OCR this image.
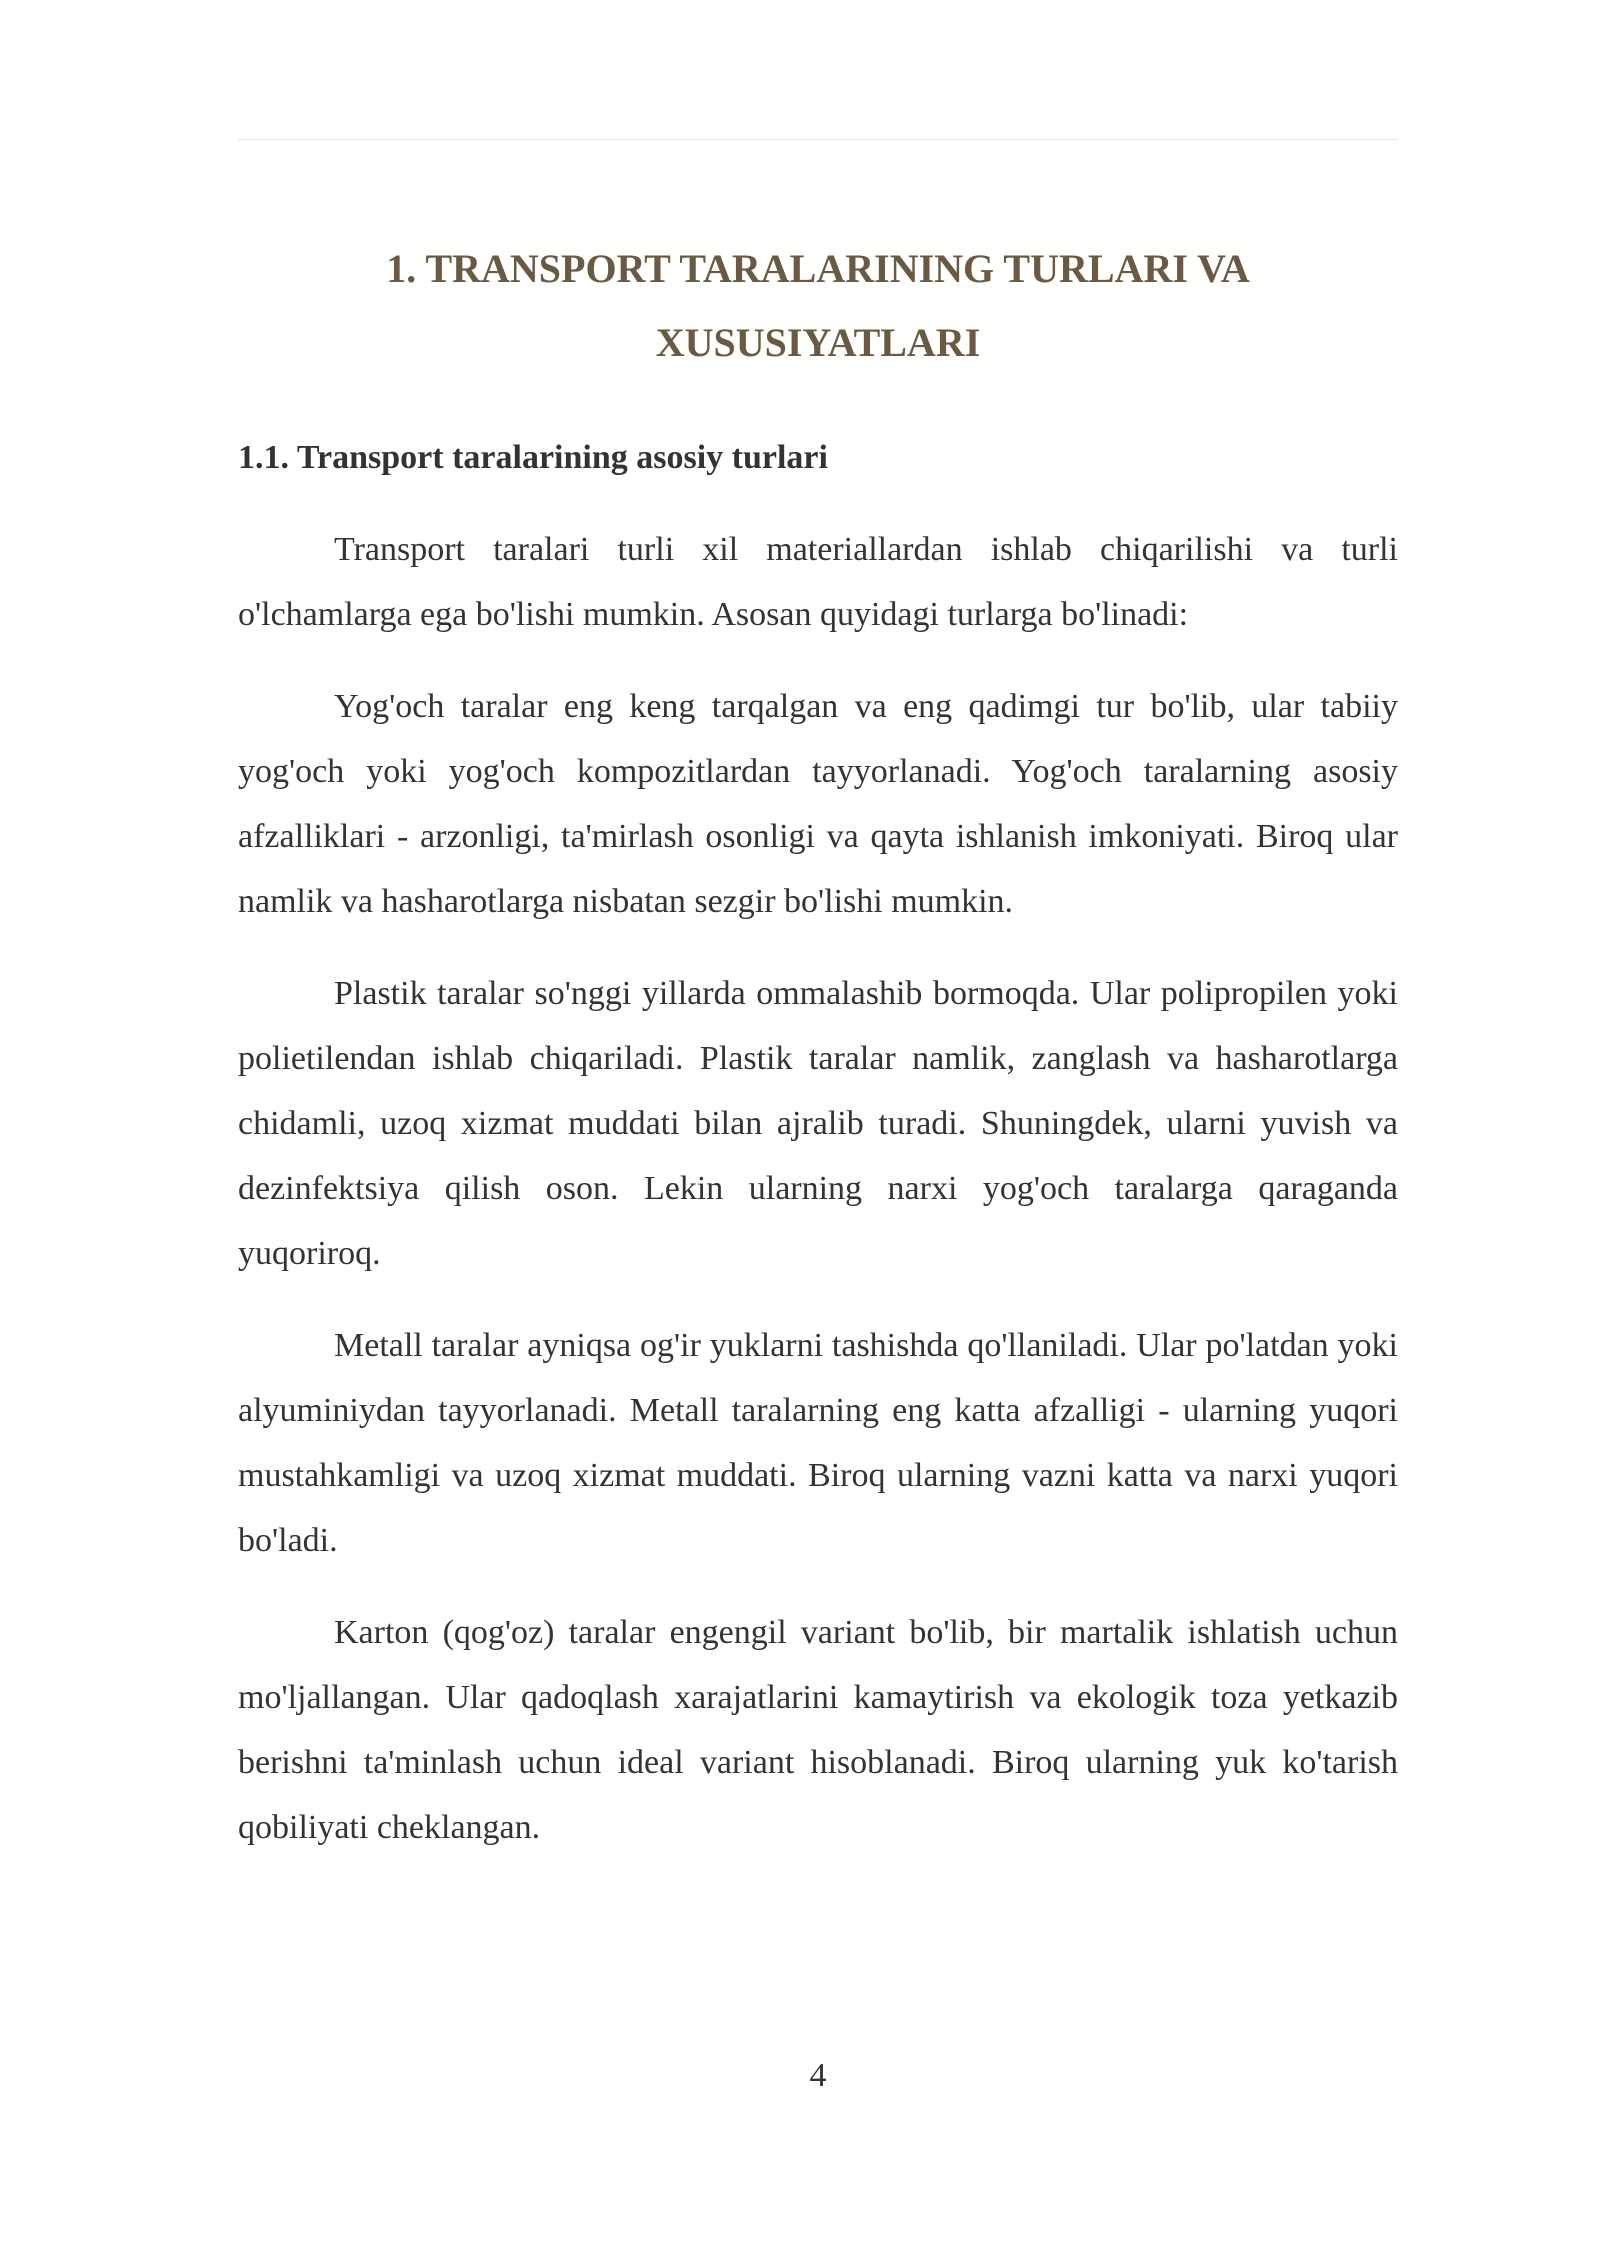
1. TRANSPORT TARALARINING TURLARI VA
XUSUSIYATLARI
1.1. Transport taralarining asosiy turlari

Transport taralari turli xil materiallardan ishlab chiqarilishi va turli o'lchamlarga ega bo'lishi mumkin. Asosan quyidagi turlarga bo'linadi:

Yog'och taralar eng keng tarqalgan va eng qadimgi tur bo'lib, ular tabiiy yog'och yoki yog'och kompozitlardan tayyorlanadi. Yog'och taralarning asosiy afzalliklari - arzonligi, ta'mirlash osonligi va qayta ishlanish imkoniyati. Biroq ular namlik va hasharotlarga nisbatan sezgir bo'lishi mumkin.

Plastik taralar so'nggi yillarda ommalashib bormoqda. Ular polipropilen yoki polietilendan ishlab chiqariladi. Plastik taralar namlik, zanglash va hasharotlarga chidamli, uzoq xizmat muddati bilan ajralib turadi. Shuningdek, ularni yuvish va dezinfektsiya qilish oson. Lekin ularning narxi yog'och taralarga qaraganda yuqoriroq.

Metall taralar ayniqsa og'ir yuklarni tashishda qo'llaniladi. Ular po'latdan yoki alyuminiydan tayyorlanadi. Metall taralarning eng katta afzalligi - ularning yuqori mustahkamligi va uzoq xizmat muddati. Biroq ularning vazni katta va narxi yuqori bo'ladi.

Karton (qog'oz) taralar engengil variant bo'lib, bir martalik ishlatish uchun mo'ljallangan. Ular qadoqlash xarajatlarini kamaytirish va ekologik toza yetkazib berishni ta'minlash uchun ideal variant hisoblanadi. Biroq ularning yuk ko'tarish qobiliyati cheklangan.

4
